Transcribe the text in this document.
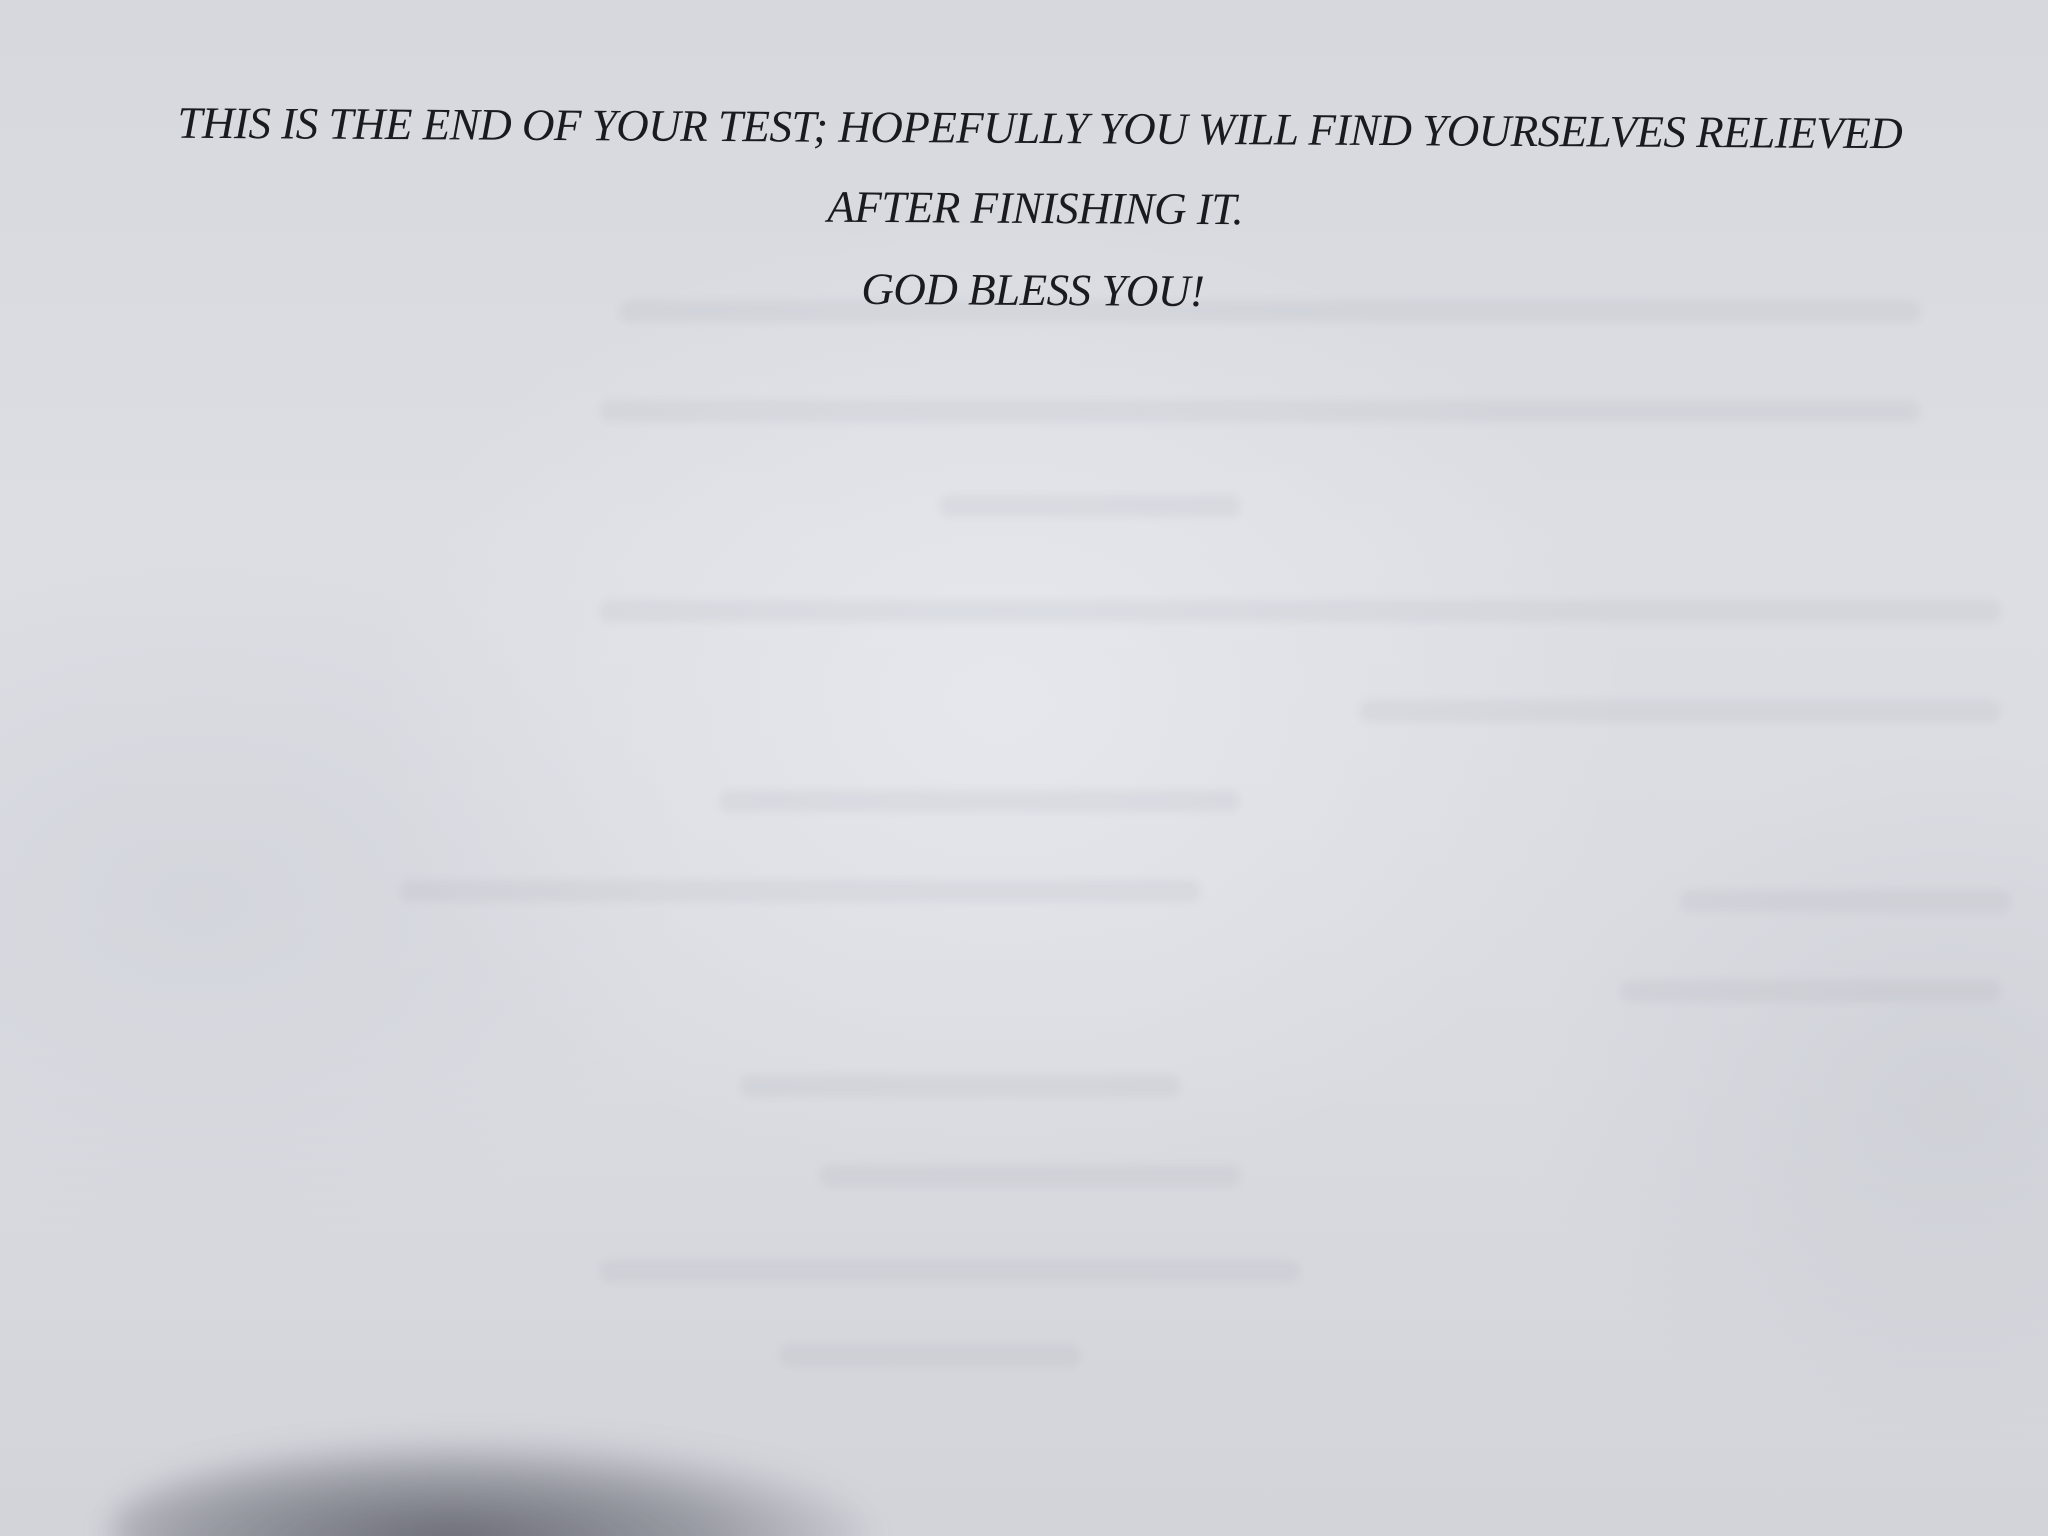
THIS IS THE END OF YOUR TEST; HOPEFULLY YOU WILL FIND YOURSELVES RELIEVED
AFTER FINISHING IT.
GOD BLESS YOU!
